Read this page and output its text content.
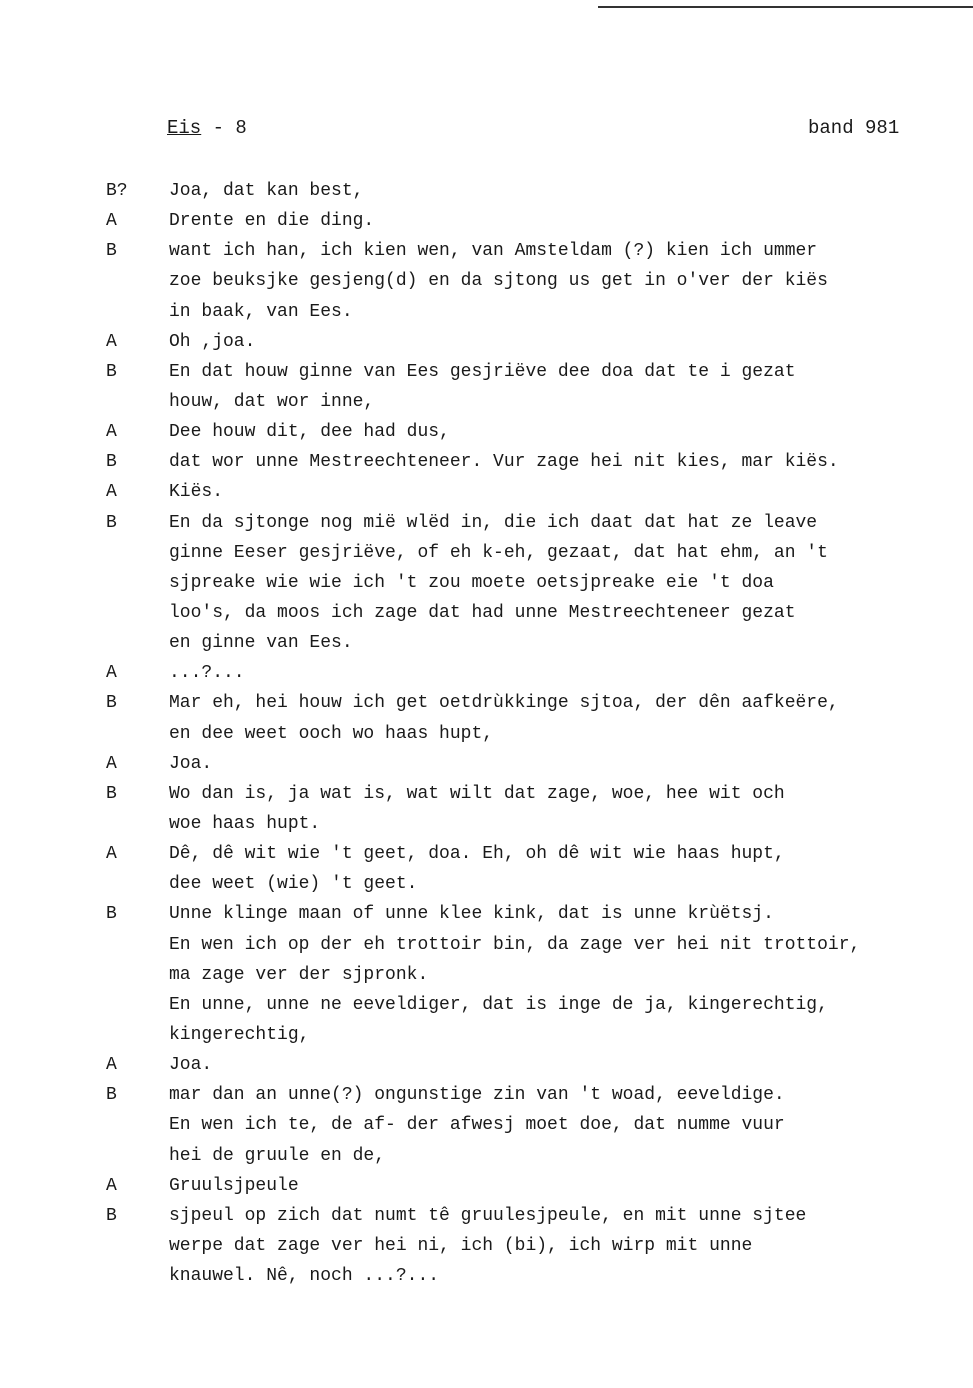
Eis - 8	band 981
B?	Joa, dat kan best,
A	Drente en die ding.
B	want ich han, ich kien wen, van Amsteldam (?) kien ich ummer
zoe beuksjke gesjeng(d) en da sjtong us get in o'ver der kiës
in baak, van Ees.
A	Oh ,joa.
B	En dat houw ginne van Ees gesjriëve dee doa dat te i gezat
houw, dat wor inne,
A	Dee houw dit, dee had dus,
B	dat wor unne Mestreechteneer. Vur zage hei nit kies, mar kiës.
A	Kiës.
B	En da sjtonge nog mië wlëd in, die ich daat dat hat ze leave
ginne Eeser gesjriëve, of eh k-eh, gezaat, dat hat ehm, an 't
sjpreake wie wie ich 't zou moete oetsjpreake eie 't doa
loo's, da moos ich zage dat had unne Mestreechteneer gezat
en ginne van Ees.
A	...?...
B	Mar eh, hei houw ich get oetdrùkkinge sjtoa, der dên aafkeëre,
en dee weet ooch wo haas hupt,
A	Joa.
B	Wo dan is, ja wat is, wat wilt dat zage, woe, hee wit och
woe haas hupt.
A	Dê, dê wit wie 't geet, doa. Eh, oh dê wit wie haas hupt,
dee weet (wie) 't geet.
B	Unne klinge maan of unne klee kink, dat is unne krùëtsj.
En wen ich op der eh trottoir bin, da zage ver hei nit trottoir,
ma zage ver der sjpronk.
En unne, unne ne eeveldiger, dat is inge de ja, kingerechtig,
kingerechtig,
A	Joa.
B	mar dan an unne(?) ongunstige zin van 't woad, eeveldige.
En wen ich te, de af- der afwesj moet doe, dat numme vuur
hei de gruule en de,
A	Gruulsjpeule
B	sjpeul op zich dat numt tê gruulesjpeule, en mit unne sjtee
werpe dat zage ver hei ni, ich (bi), ich wirp mit unne
knauwel. Nê, noch ...?...
